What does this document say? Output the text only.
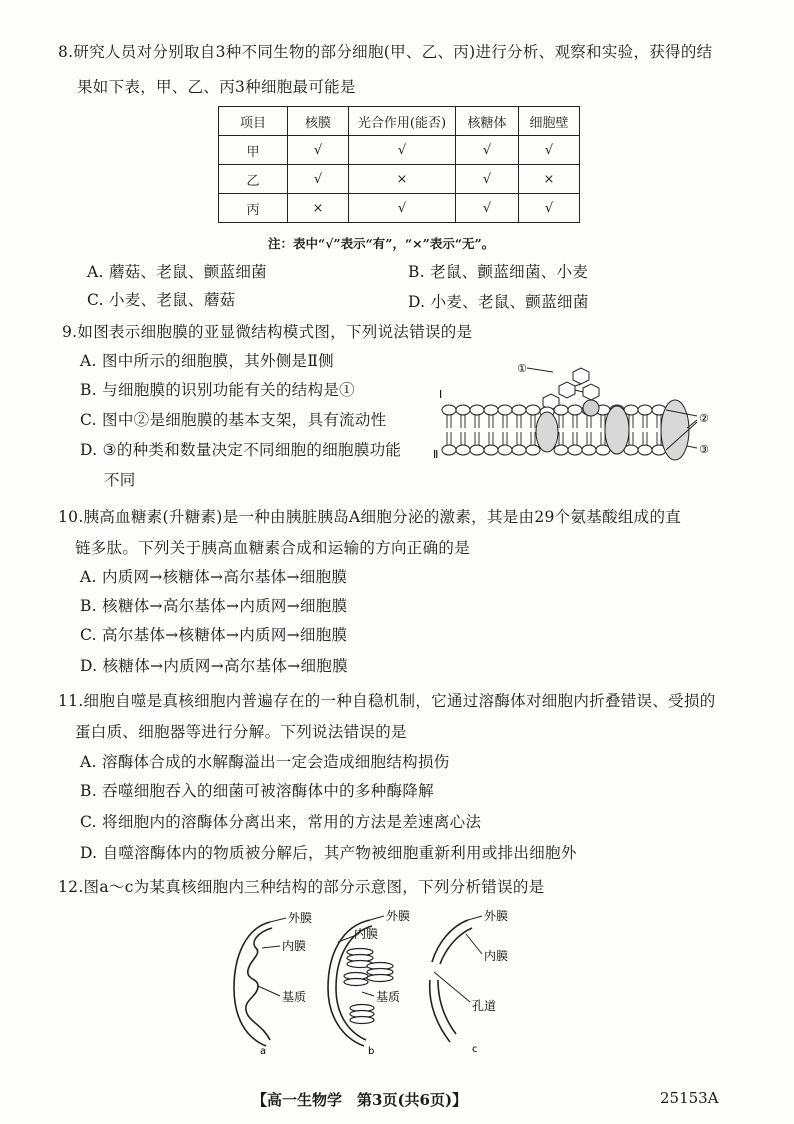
8.研究人员对分别取自3种不同生物的部分细胞(甲、乙、丙)进行分析、观察和实验，获得的结
果如下表，甲、乙、丙3种细胞最可能是
项目	核膜	光合作用(能否)	核糖体	细胞壁
甲	√	√	√	√
乙	√	×	√	×
丙	×	√	√	√
注：表中“√”表示“有”，“×”表示“无”。
A. 蘑菇、老鼠、颤蓝细菌	B. 老鼠、颤蓝细菌、小麦
C. 小麦、老鼠、蘑菇	D. 小麦、老鼠、颤蓝细菌
9.如图表示细胞膜的亚显微结构模式图，下列说法错误的是
A. 图中所示的细胞膜，其外侧是Ⅱ侧
B. 与细胞膜的识别功能有关的结构是①
C. 图中②是细胞膜的基本支架，具有流动性
D. ③的种类和数量决定不同细胞的细胞膜功能
不同
①
Ⅰ
Ⅱ
②
③
10.胰高血糖素(升糖素)是一种由胰脏胰岛A细胞分泌的激素，其是由29个氨基酸组成的直
链多肽。下列关于胰高血糖素合成和运输的方向正确的是
A. 内质网→核糖体→高尔基体→细胞膜
B. 核糖体→高尔基体→内质网→细胞膜
C. 高尔基体→核糖体→内质网→细胞膜
D. 核糖体→内质网→高尔基体→细胞膜
11.细胞自噬是真核细胞内普遍存在的一种自稳机制，它通过溶酶体对细胞内折叠错误、受损的
蛋白质、细胞器等进行分解。下列说法错误的是
A. 溶酶体合成的水解酶溢出一定会造成细胞结构损伤
B. 吞噬细胞吞入的细菌可被溶酶体中的多种酶降解
C. 将细胞内的溶酶体分离出来，常用的方法是差速离心法
D. 自噬溶酶体内的物质被分解后，其产物被细胞重新利用或排出细胞外
12.图a～c为某真核细胞内三种结构的部分示意图，下列分析错误的是
外膜
内膜
基质
外膜
内膜
基质
外膜
内膜
孔道
a	b	c
【高一生物学　第3页(共6页)】	25153A
